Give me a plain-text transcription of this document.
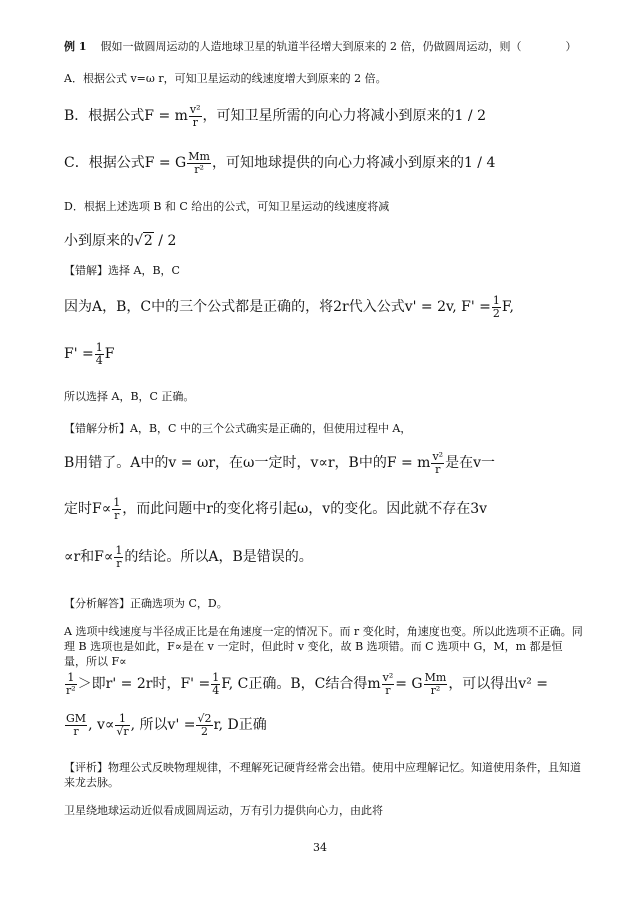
例 1 假如一做圆周运动的人造地球卫星的轨道半径增大到原来的 2 倍，仍做圆周运动，则（　　　　）
A．根据公式 v=ω r，可知卫星运动的线速度增大到原来的 2 倍。
B．根据公式F = m $\frac{\text{v²}}{r}$ ，可知卫星所需的向心力将减小到原来的1 / 2
C．根据公式F = G $\frac{Mm}{\text{r²}}$ ，可知地球提供的向心力将减小到原来的1 / 4
D．根据上述选项 B 和 C 给出的公式，可知卫星运动的线速度将减
小到原来的√2 / 2
【错解】选择 A，B，C
因为A，B，C中的三个公式都是正确的，将2r代入公式v' = 2v, $F' = \frac{1}{2} F$,
$F' = \frac{1}{4}$ F
所以选择 A，B，C 正确。
【错解分析】A，B，C 中的三个公式确实是正确的，但使用过程中 A，
B用错了。A中的v = ωr，在ω一定时，v∝r，B中的F = m $\frac{\text{v²}}{r}$ 是在v一
定时$F\propto \frac{1}{r}$ ，而此问题中r的变化将引起ω，v的变化。因此就不存在3v
∝r和$F\propto \frac{1}{r}$ 的结论。所以A，B是错误的。
【分析解答】正确选项为 C，D。
A 选项中线速度与半径成正比是在角速度一定的情况下。而 r 变化时，角速度也变。所以此选项不正确。同理 B 选项也是如此，F∝是在 v 一定时，但此时 v 变化，故 B 选项错。而 C 选项中 G，M，m 都是恒量，所以 F∝
$\frac{1}{\text{r²}}$ ＞即r' = 2r时，$F' = \frac{1}{4} F$, C正确。B，C结合得m $\frac{\text{v²}}{r} = G \frac{Mm}{\text{r²}}$ ，可以得出v² =
$\frac{GM}{r}$ , $v\propto \frac{1}{√r}$ , 所以$v' = \frac{√2}{2} r$, D正确
【评析】物理公式反映物理规律，不理解死记硬背经常会出错。使用中应理解记忆。知道使用条件，且知道来龙去脉。
卫星绕地球运动近似看成圆周运动，万有引力提供向心力，由此将
34
